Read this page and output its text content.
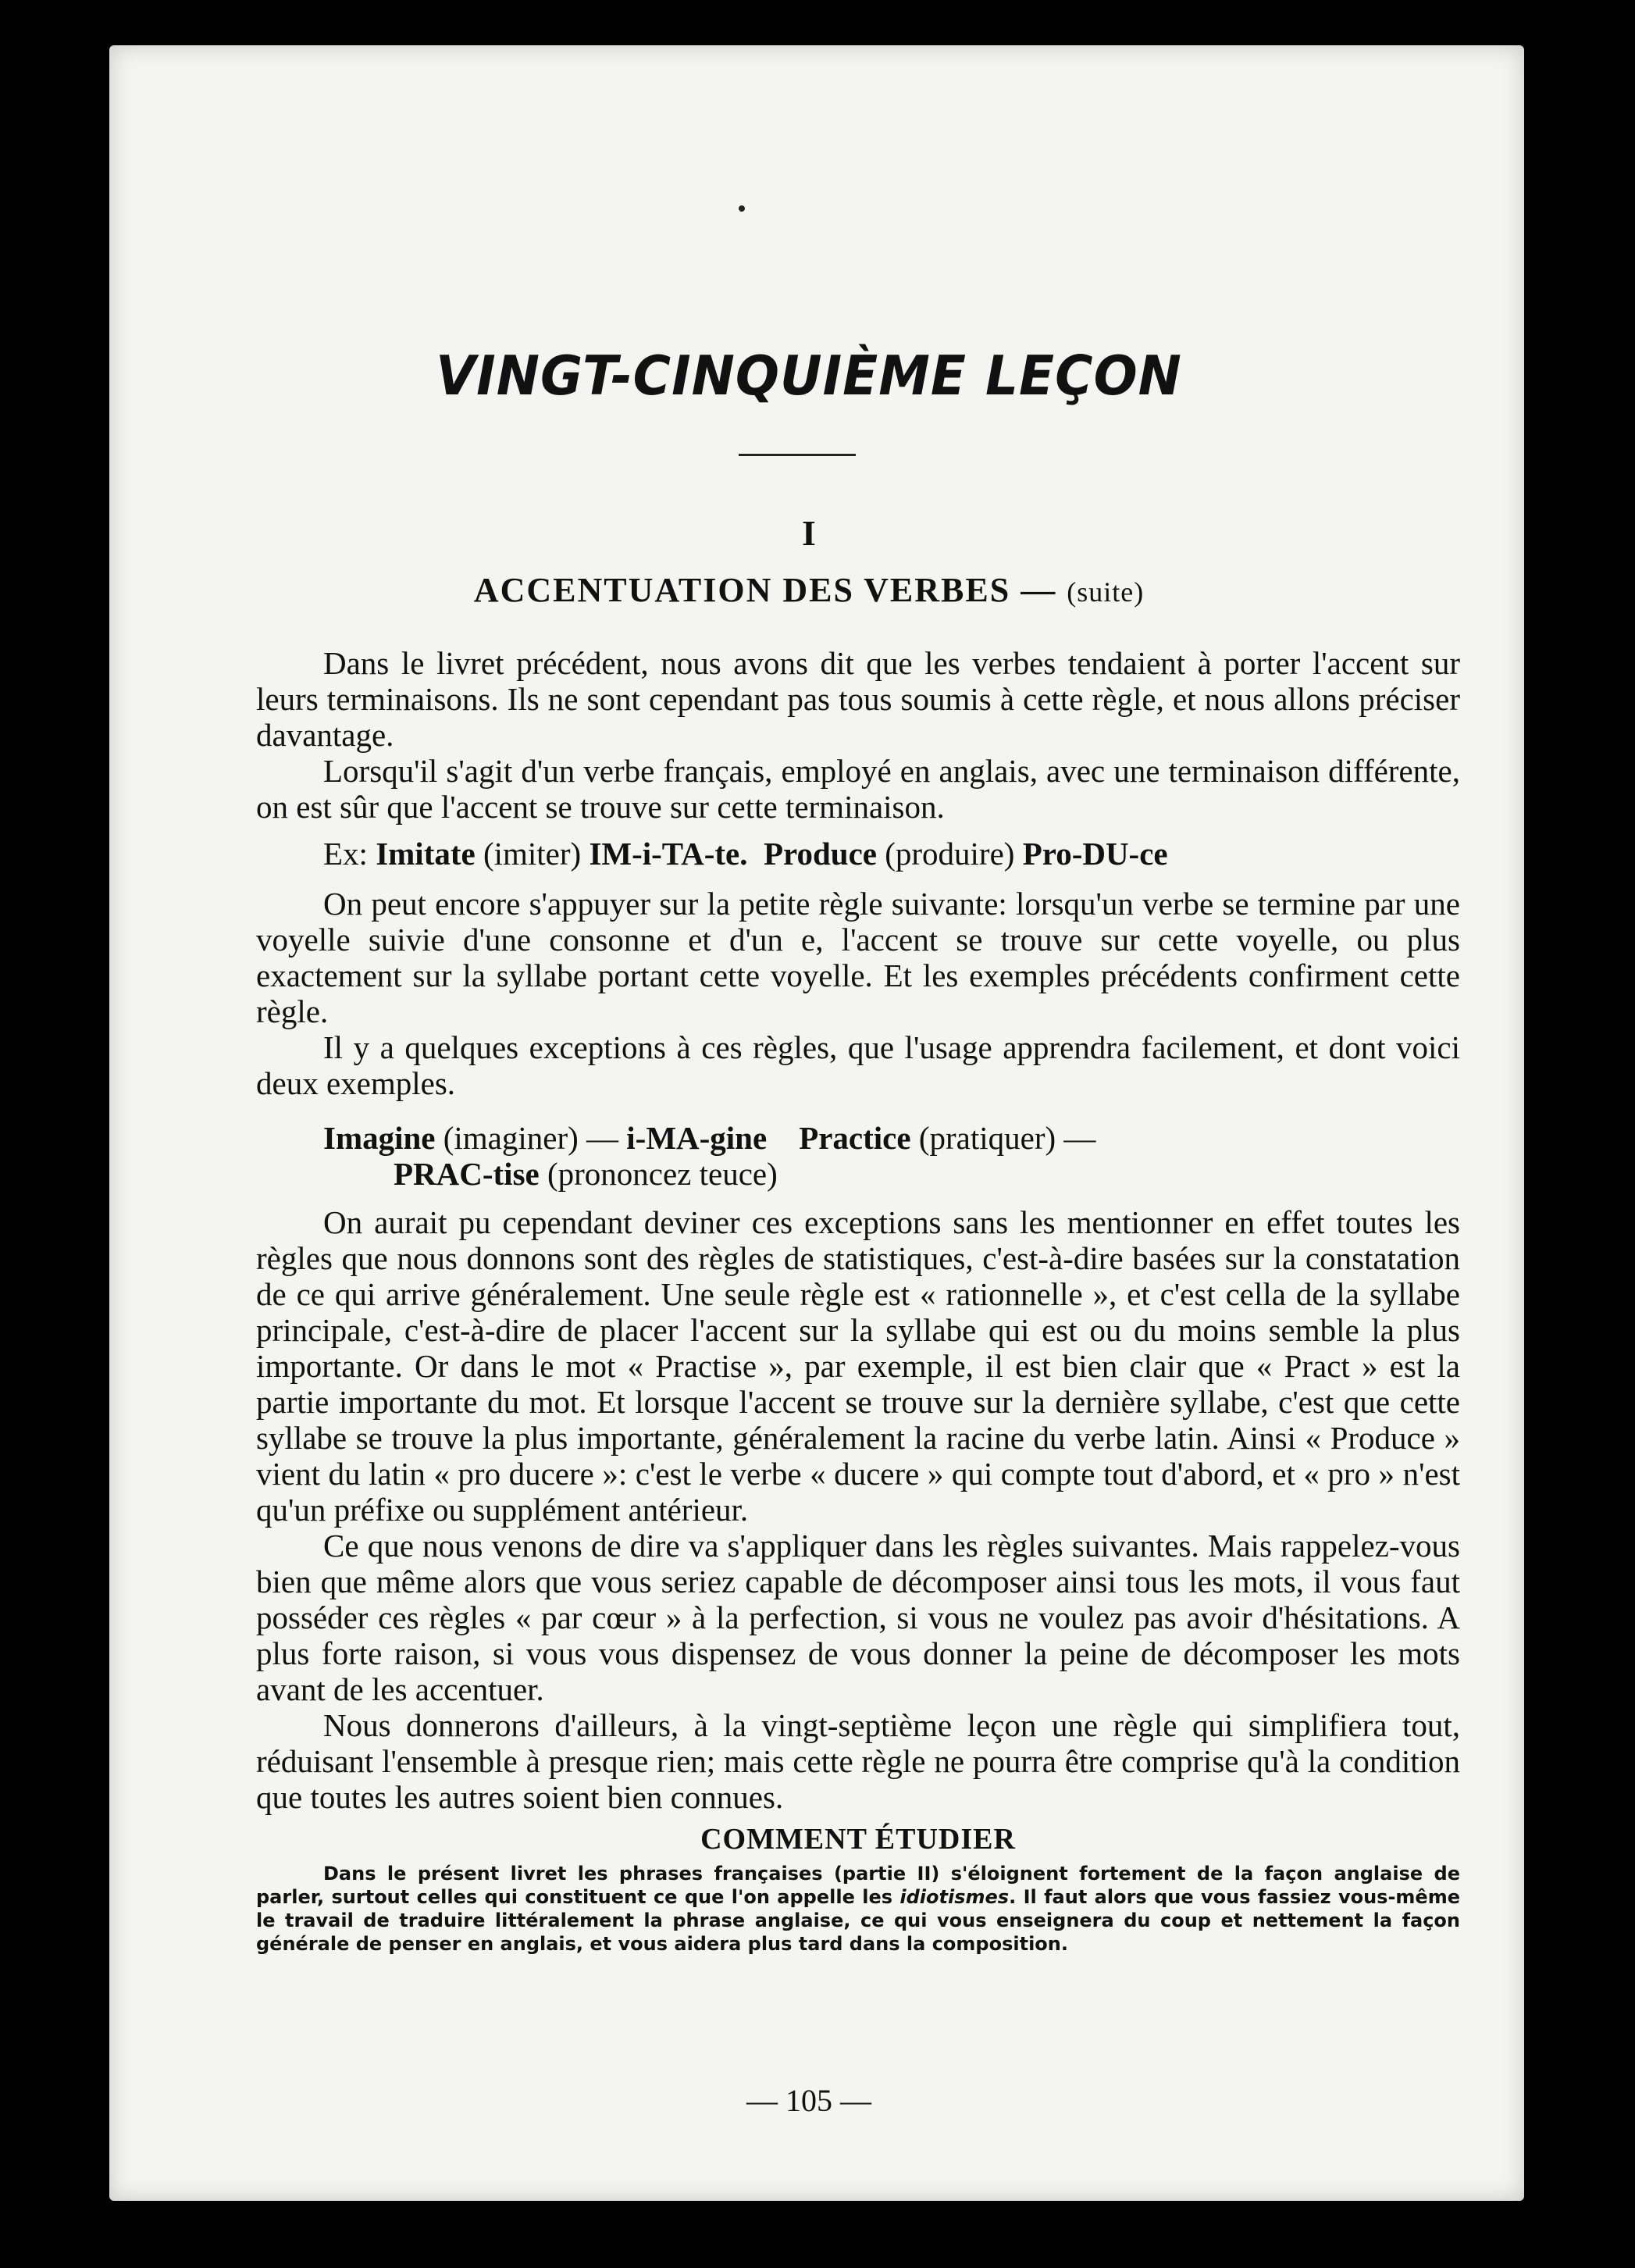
VINGT-CINQUIÈME LEÇON
I
ACCENTUATION DES VERBES — (suite)

Dans le livret précédent, nous avons dit que les verbes tendaient à porter l'accent sur leurs terminaisons. Ils ne sont cependant pas tous soumis à cette règle, et nous allons préciser davantage.

Lorsqu'il s'agit d'un verbe français, employé en anglais, avec une terminaison différente, on est sûr que l'accent se trouve sur cette terminaison.

Ex: Imitate (imiter) IM-i-TA-te. Produce (produire) Pro-DU-ce

On peut encore s'appuyer sur la petite règle suivante: lorsqu'un verbe se termine par une voyelle suivie d'une consonne et d'un e, l'accent se trouve sur cette voyelle, ou plus exactement sur la syllabe portant cette voyelle. Et les exemples précédents confirment cette règle.

Il y a quelques exceptions à ces règles, que l'usage apprendra facilement, et dont voici deux exemples.

Imagine (imaginer) — i-MA-gine Practice (pratiquer) —
PRAC-tise (prononcez teuce)

On aurait pu cependant deviner ces exceptions sans les mentionner en effet toutes les règles que nous donnons sont des règles de statistiques, c'est-à-dire basées sur la constatation de ce qui arrive généralement. Une seule règle est « rationnelle », et c'est cella de la syllabe principale, c'est-à-dire de placer l'accent sur la syllabe qui est ou du moins semble la plus importante. Or dans le mot « Practise », par exemple, il est bien clair que « Pract » est la partie importante du mot. Et lorsque l'accent se trouve sur la dernière syllabe, c'est que cette syllabe se trouve la plus importante, généralement la racine du verbe latin. Ainsi « Produce » vient du latin « pro ducere »: c'est le verbe « ducere » qui compte tout d'abord, et « pro » n'est qu'un préfixe ou supplément antérieur.

Ce que nous venons de dire va s'appliquer dans les règles suivantes. Mais rappelez-vous bien que même alors que vous seriez capable de décomposer ainsi tous les mots, il vous faut posséder ces règles « par cœur » à la perfection, si vous ne voulez pas avoir d'hésitations. A plus forte raison, si vous vous dispensez de vous donner la peine de décomposer les mots avant de les accentuer.

Nous donnerons d'ailleurs, à la vingt-septième leçon une règle qui simplifiera tout, réduisant l'ensemble à presque rien; mais cette règle ne pourra être comprise qu'à la condition que toutes les autres soient bien connues.

COMMENT ÉTUDIER
Dans le présent livret les phrases françaises (partie II) s'éloignent fortement de la façon anglaise de parler, surtout celles qui constituent ce que l'on appelle les idiotismes. Il faut alors que vous fassiez vous-même le travail de traduire littéralement la phrase anglaise, ce qui vous enseignera du coup et nettement la façon générale de penser en anglais, et vous aidera plus tard dans la composition.
— 105 —
